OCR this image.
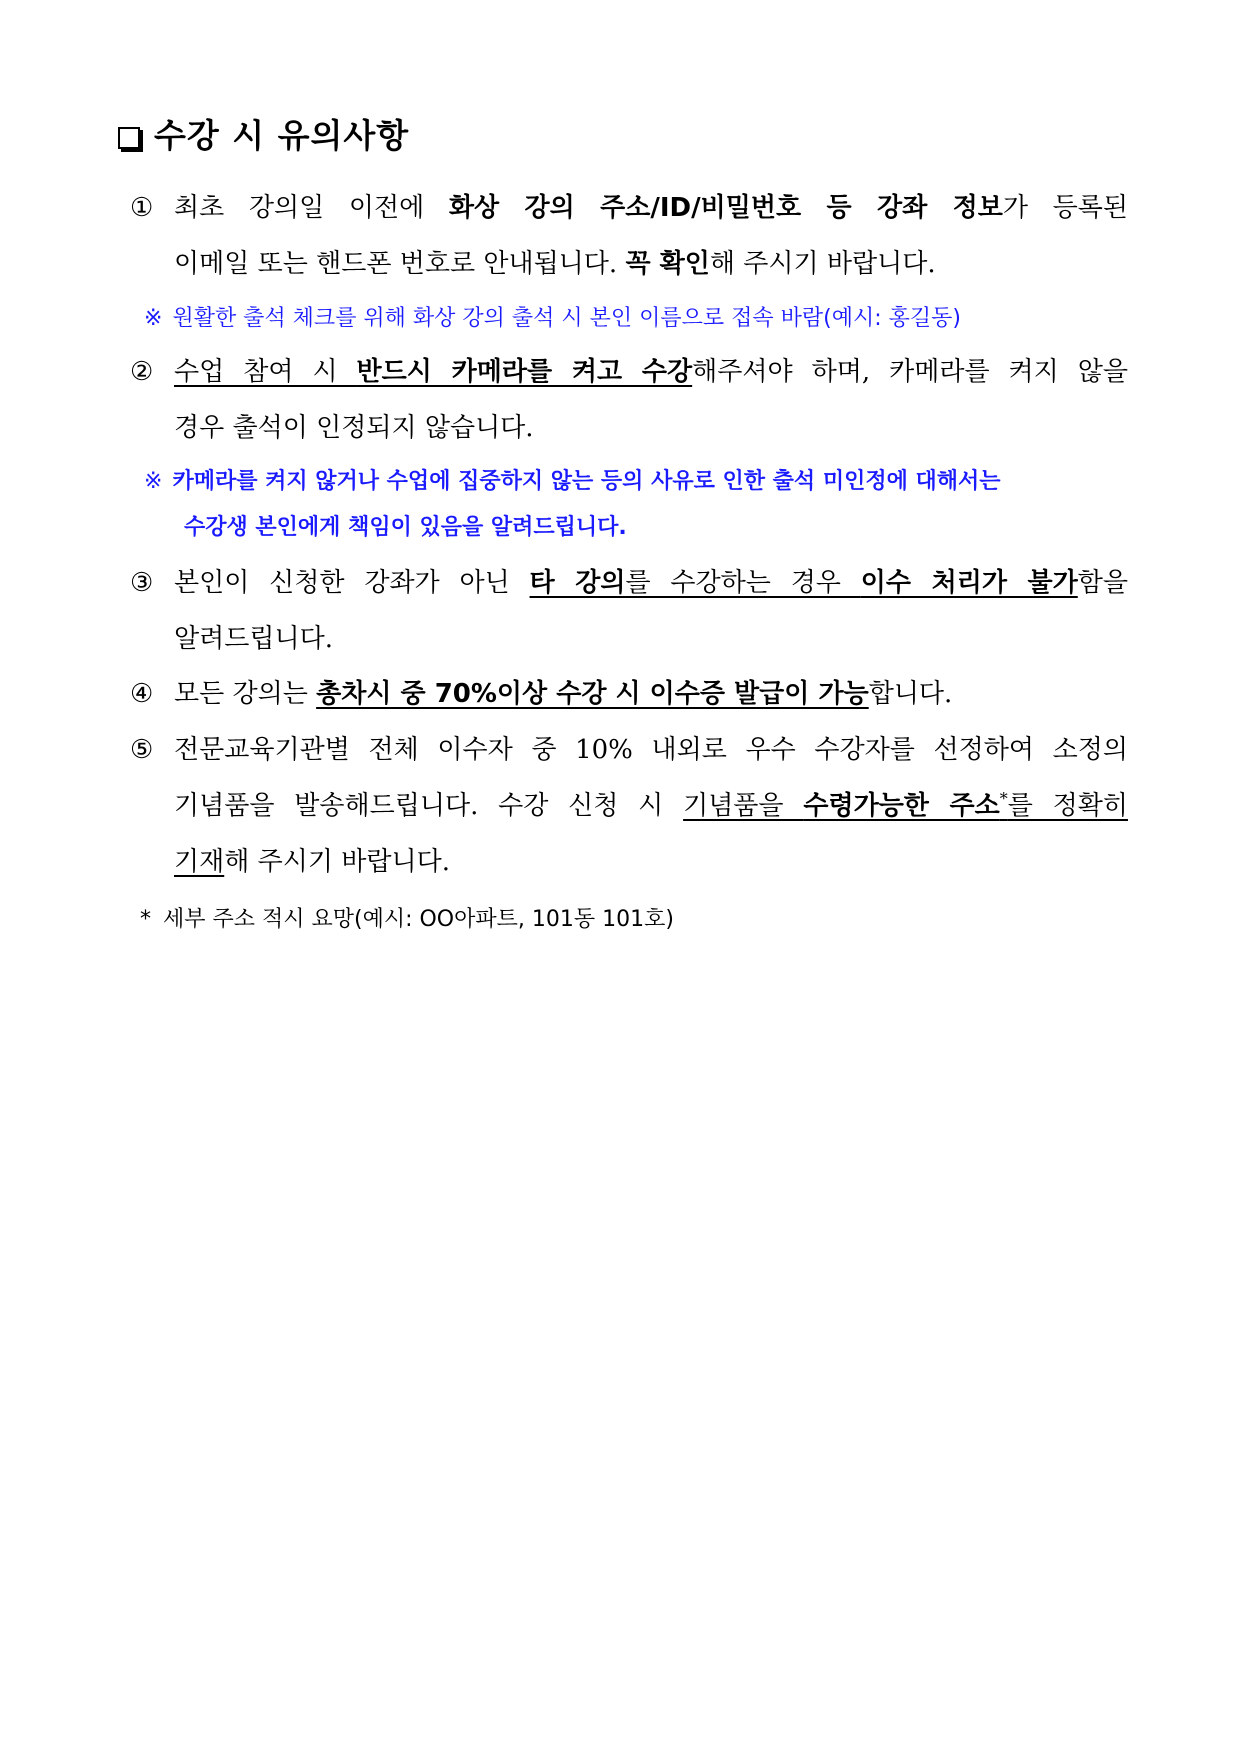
수강 시 유의사항
① 최초 강의일 이전에 화상 강의 주소/ID/비밀번호 등 강좌 정보가 등록된
이메일 또는 핸드폰 번호로 안내됩니다. 꼭 확인해 주시기 바랍니다.
※ 원활한 출석 체크를 위해 화상 강의 출석 시 본인 이름으로 접속 바람(예시: 홍길동)
② 수업 참여 시 반드시 카메라를 켜고 수강해주셔야 하며, 카메라를 켜지 않을
경우 출석이 인정되지 않습니다.
※ 카메라를 켜지 않거나 수업에 집중하지 않는 등의 사유로 인한 출석 미인정에 대해서는
수강생 본인에게 책임이 있음을 알려드립니다.
③ 본인이 신청한 강좌가 아닌 타 강의를 수강하는 경우 이수 처리가 불가함을
알려드립니다.
④ 모든 강의는 총차시 중 70%이상 수강 시 이수증 발급이 가능합니다.
⑤ 전문교육기관별 전체 이수자 중 10% 내외로 우수 수강자를 선정하여 소정의
기념품을 발송해드립니다. 수강 신청 시 기념품을 수령가능한 주소*를 정확히
기재해 주시기 바랍니다.
* 세부 주소 적시 요망(예시: OO아파트, 101동 101호)
